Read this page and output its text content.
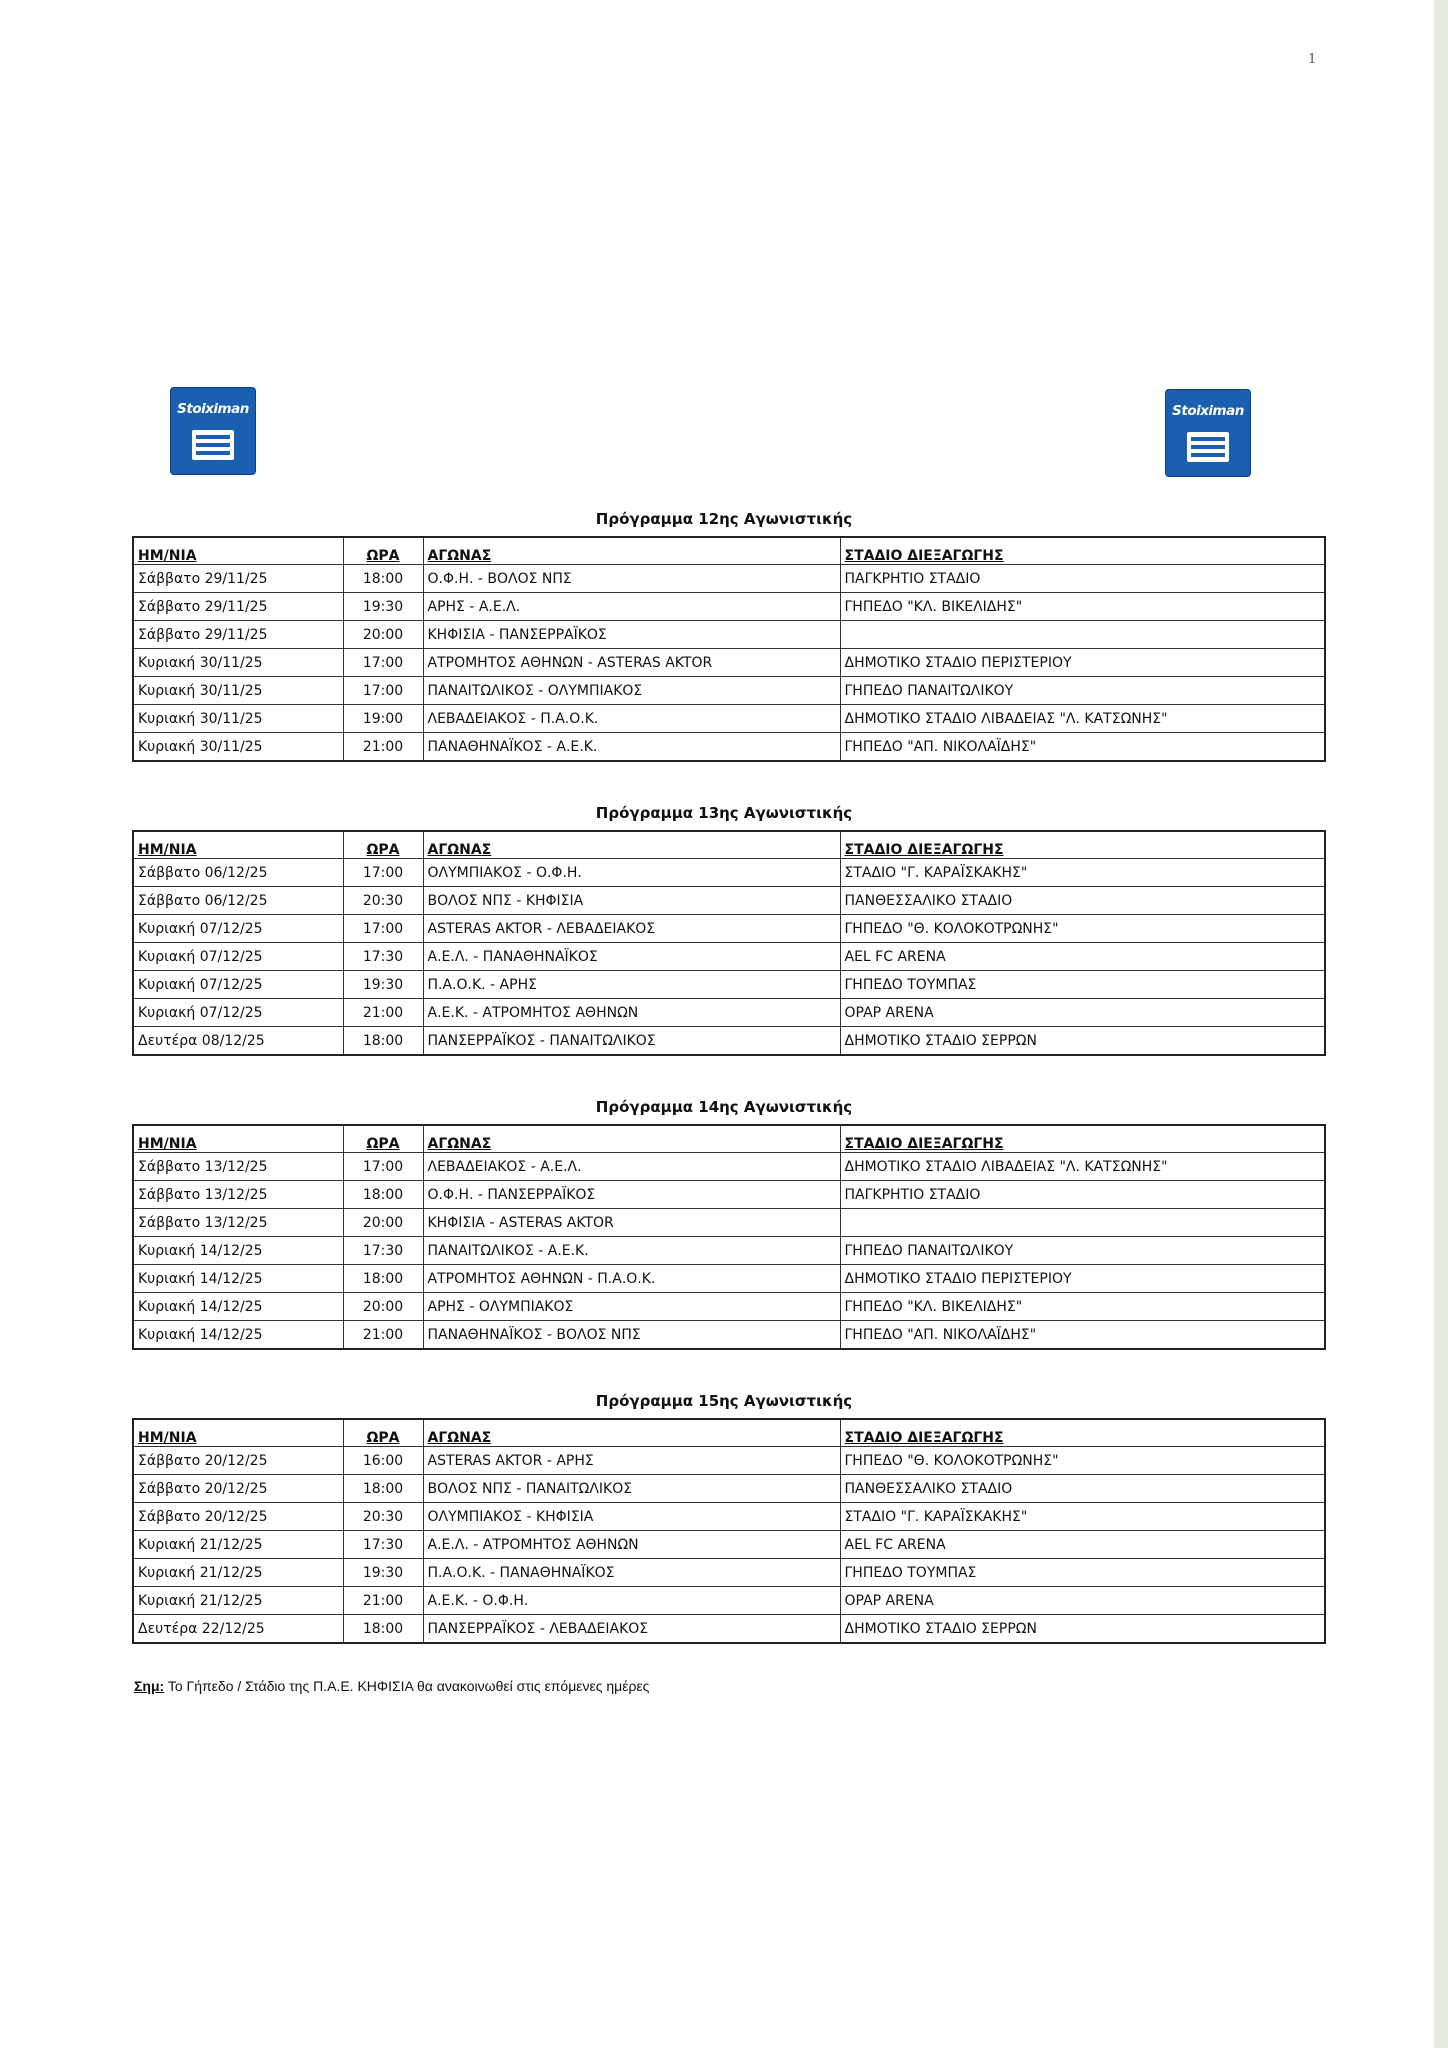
1
Stoiximan	Stoiximan
Πρόγραμμα 12ης Αγωνιστικής
HM/NIA	ΩΡΑ	ΑΓΩΝΑΣ	ΣΤΑΔΙΟ ΔΙΕΞΑΓΩΓΗΣ
Σάββατο 29/11/25	18:00	Ο.Φ.Η. - ΒΟΛΟΣ ΝΠΣ	ΠΑΓΚΡΗΤΙΟ ΣΤΑΔΙΟ
Σάββατο 29/11/25	19:30	ΑΡΗΣ - Α.Ε.Λ.	ΓΗΠΕΔΟ "ΚΛ. ΒΙΚΕΛΙΔΗΣ"
Σάββατο 29/11/25	20:00	ΚΗΦΙΣΙΑ - ΠΑΝΣΕΡΡΑΪΚΟΣ	
Κυριακή 30/11/25	17:00	ΑΤΡΟΜΗΤΟΣ ΑΘΗΝΩΝ - ASTERAS AKTOR	ΔΗΜΟΤΙΚΟ ΣΤΑΔΙΟ ΠΕΡΙΣΤΕΡΙΟΥ
Κυριακή 30/11/25	17:00	ΠΑΝΑΙΤΩΛΙΚΟΣ - ΟΛΥΜΠΙΑΚΟΣ	ΓΗΠΕΔΟ ΠΑΝΑΙΤΩΛΙΚΟΥ
Κυριακή 30/11/25	19:00	ΛΕΒΑΔΕΙΑΚΟΣ - Π.Α.Ο.Κ.	ΔΗΜΟΤΙΚΟ ΣΤΑΔΙΟ ΛΙΒΑΔΕΙΑΣ "Λ. ΚΑΤΣΩΝΗΣ"
Κυριακή 30/11/25	21:00	ΠΑΝΑΘΗΝΑΪΚΟΣ - Α.Ε.Κ.	ΓΗΠΕΔΟ "ΑΠ. ΝΙΚΟΛΑΪΔΗΣ"
Πρόγραμμα 13ης Αγωνιστικής
HM/NIA	ΩΡΑ	ΑΓΩΝΑΣ	ΣΤΑΔΙΟ ΔΙΕΞΑΓΩΓΗΣ
Σάββατο 06/12/25	17:00	ΟΛΥΜΠΙΑΚΟΣ - Ο.Φ.Η.	ΣΤΑΔΙΟ "Γ. ΚΑΡΑΪΣΚΑΚΗΣ"
Σάββατο 06/12/25	20:30	ΒΟΛΟΣ ΝΠΣ - ΚΗΦΙΣΙΑ	ΠΑΝΘΕΣΣΑΛΙΚΟ ΣΤΑΔΙΟ
Κυριακή 07/12/25	17:00	ASTERAS AKTOR - ΛΕΒΑΔΕΙΑΚΟΣ	ΓΗΠΕΔΟ "Θ. ΚΟΛΟΚΟΤΡΩΝΗΣ"
Κυριακή 07/12/25	17:30	Α.Ε.Λ. - ΠΑΝΑΘΗΝΑΪΚΟΣ	AEL FC ARENA
Κυριακή 07/12/25	19:30	Π.Α.Ο.Κ. - ΑΡΗΣ	ΓΗΠΕΔΟ ΤΟΥΜΠΑΣ
Κυριακή 07/12/25	21:00	Α.Ε.Κ. - ΑΤΡΟΜΗΤΟΣ ΑΘΗΝΩΝ	OPAP ARENA
Δευτέρα 08/12/25	18:00	ΠΑΝΣΕΡΡΑΪΚΟΣ - ΠΑΝΑΙΤΩΛΙΚΟΣ	ΔΗΜΟΤΙΚΟ ΣΤΑΔΙΟ ΣΕΡΡΩΝ
Πρόγραμμα 14ης Αγωνιστικής
HM/NIA	ΩΡΑ	ΑΓΩΝΑΣ	ΣΤΑΔΙΟ ΔΙΕΞΑΓΩΓΗΣ
Σάββατο 13/12/25	17:00	ΛΕΒΑΔΕΙΑΚΟΣ - Α.Ε.Λ.	ΔΗΜΟΤΙΚΟ ΣΤΑΔΙΟ ΛΙΒΑΔΕΙΑΣ "Λ. ΚΑΤΣΩΝΗΣ"
Σάββατο 13/12/25	18:00	Ο.Φ.Η. - ΠΑΝΣΕΡΡΑΪΚΟΣ	ΠΑΓΚΡΗΤΙΟ ΣΤΑΔΙΟ
Σάββατο 13/12/25	20:00	ΚΗΦΙΣΙΑ - ASTERAS AKTOR	
Κυριακή 14/12/25	17:30	ΠΑΝΑΙΤΩΛΙΚΟΣ - Α.Ε.Κ.	ΓΗΠΕΔΟ ΠΑΝΑΙΤΩΛΙΚΟΥ
Κυριακή 14/12/25	18:00	ΑΤΡΟΜΗΤΟΣ ΑΘΗΝΩΝ - Π.Α.Ο.Κ.	ΔΗΜΟΤΙΚΟ ΣΤΑΔΙΟ ΠΕΡΙΣΤΕΡΙΟΥ
Κυριακή 14/12/25	20:00	ΑΡΗΣ - ΟΛΥΜΠΙΑΚΟΣ	ΓΗΠΕΔΟ "ΚΛ. ΒΙΚΕΛΙΔΗΣ"
Κυριακή 14/12/25	21:00	ΠΑΝΑΘΗΝΑΪΚΟΣ - ΒΟΛΟΣ ΝΠΣ	ΓΗΠΕΔΟ "ΑΠ. ΝΙΚΟΛΑΪΔΗΣ"
Πρόγραμμα 15ης Αγωνιστικής
HM/NIA	ΩΡΑ	ΑΓΩΝΑΣ	ΣΤΑΔΙΟ ΔΙΕΞΑΓΩΓΗΣ
Σάββατο 20/12/25	16:00	ASTERAS AKTOR - ΑΡΗΣ	ΓΗΠΕΔΟ "Θ. ΚΟΛΟΚΟΤΡΩΝΗΣ"
Σάββατο 20/12/25	18:00	ΒΟΛΟΣ ΝΠΣ - ΠΑΝΑΙΤΩΛΙΚΟΣ	ΠΑΝΘΕΣΣΑΛΙΚΟ ΣΤΑΔΙΟ
Σάββατο 20/12/25	20:30	ΟΛΥΜΠΙΑΚΟΣ - ΚΗΦΙΣΙΑ	ΣΤΑΔΙΟ "Γ. ΚΑΡΑΪΣΚΑΚΗΣ"
Κυριακή 21/12/25	17:30	Α.Ε.Λ. - ΑΤΡΟΜΗΤΟΣ ΑΘΗΝΩΝ	AEL FC ARENA
Κυριακή 21/12/25	19:30	Π.Α.Ο.Κ. - ΠΑΝΑΘΗΝΑΪΚΟΣ	ΓΗΠΕΔΟ ΤΟΥΜΠΑΣ
Κυριακή 21/12/25	21:00	Α.Ε.Κ. - Ο.Φ.Η.	OPAP ARENA
Δευτέρα 22/12/25	18:00	ΠΑΝΣΕΡΡΑΪΚΟΣ - ΛΕΒΑΔΕΙΑΚΟΣ	ΔΗΜΟΤΙΚΟ ΣΤΑΔΙΟ ΣΕΡΡΩΝ
Σημ: Το Γήπεδο / Στάδιο της Π.Α.Ε. ΚΗΦΙΣΙΑ θα ανακοινωθεί στις επόμενες ημέρες
